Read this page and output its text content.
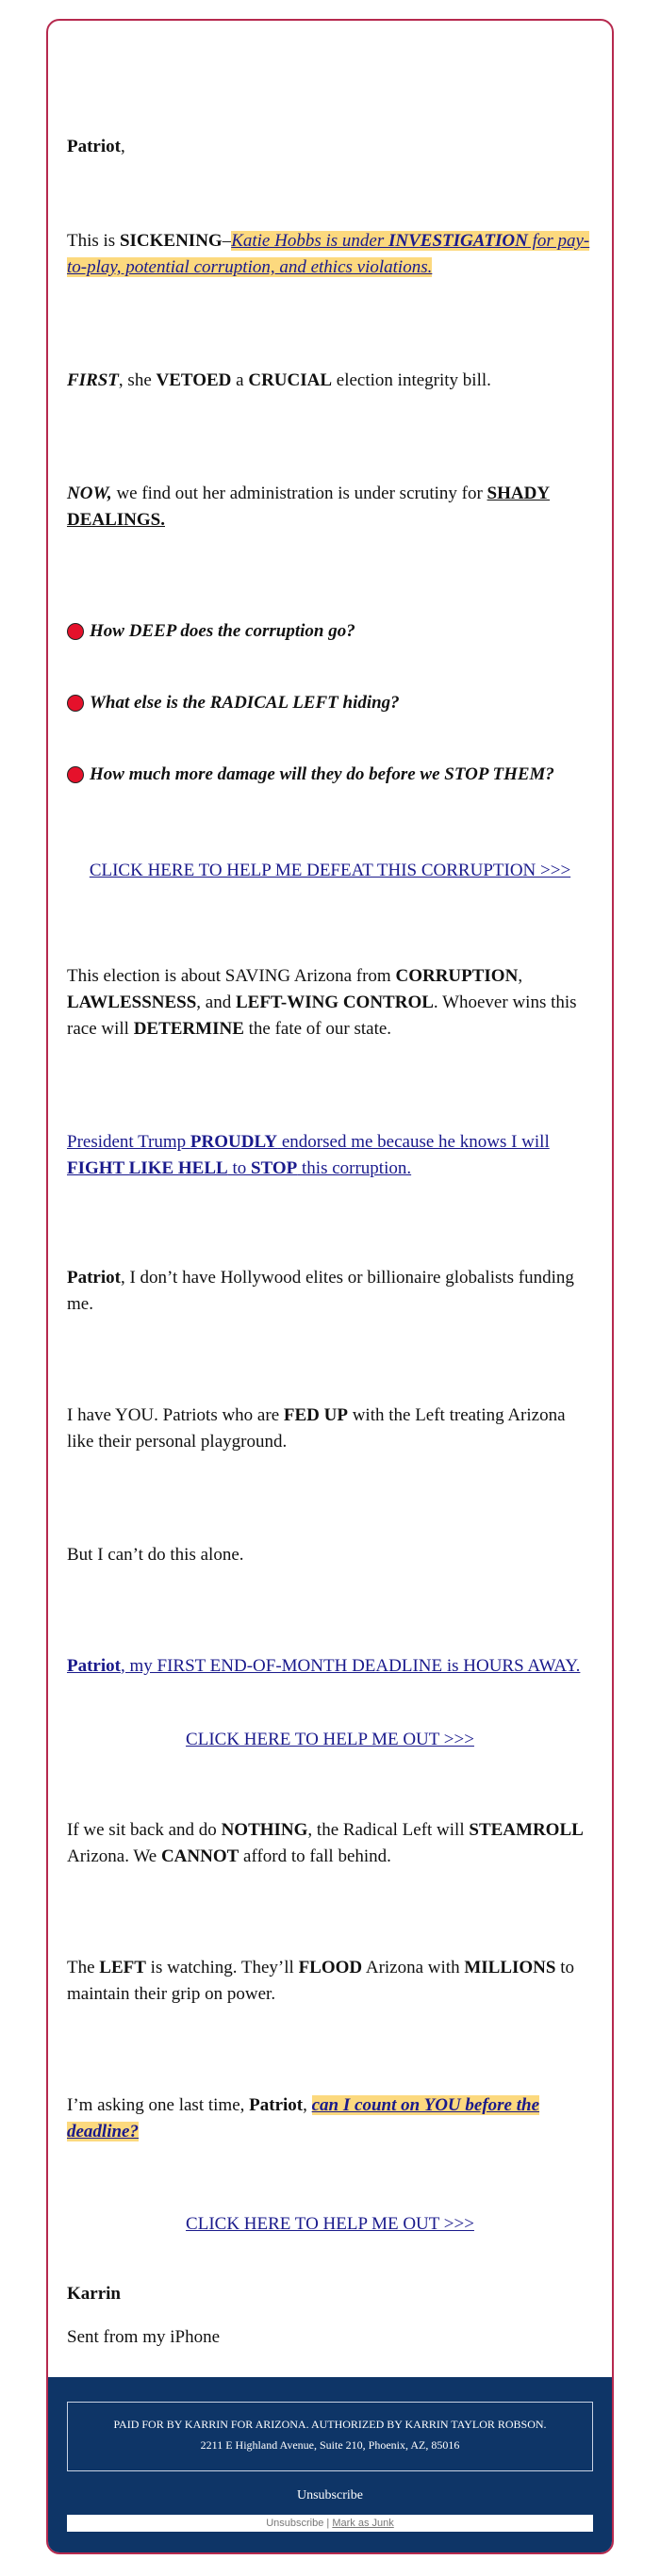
Patriot,
This is SICKENING–Katie Hobbs is under INVESTIGATION for pay-to-play, potential corruption, and ethics violations.
FIRST, she VETOED a CRUCIAL election integrity bill.
NOW, we find out her administration is under scrutiny for SHADY DEALINGS.
How DEEP does the corruption go?
What else is the RADICAL LEFT hiding?
How much more damage will they do before we STOP THEM?
CLICK HERE TO HELP ME DEFEAT THIS CORRUPTION >>>
This election is about SAVING Arizona from CORRUPTION, LAWLESSNESS, and LEFT-WING CONTROL. Whoever wins this race will DETERMINE the fate of our state.
President Trump PROUDLY endorsed me because he knows I will FIGHT LIKE HELL to STOP this corruption.
Patriot, I don’t have Hollywood elites or billionaire globalists funding me.
I have YOU. Patriots who are FED UP with the Left treating Arizona like their personal playground.
But I can’t do this alone.
Patriot, my FIRST END-OF-MONTH DEADLINE is HOURS AWAY.
CLICK HERE TO HELP ME OUT >>>
If we sit back and do NOTHING, the Radical Left will STEAMROLL Arizona. We CANNOT afford to fall behind.
The LEFT is watching. They’ll FLOOD Arizona with MILLIONS to maintain their grip on power.
I’m asking one last time, Patriot, can I count on YOU before the deadline?
CLICK HERE TO HELP ME OUT >>>
Karrin
Sent from my iPhone
PAID FOR BY KARRIN FOR ARIZONA. AUTHORIZED BY KARRIN TAYLOR ROBSON.
2211 E Highland Avenue, Suite 210, Phoenix, AZ, 85016
Unsubscribe
Unsubscribe | Mark as Junk
